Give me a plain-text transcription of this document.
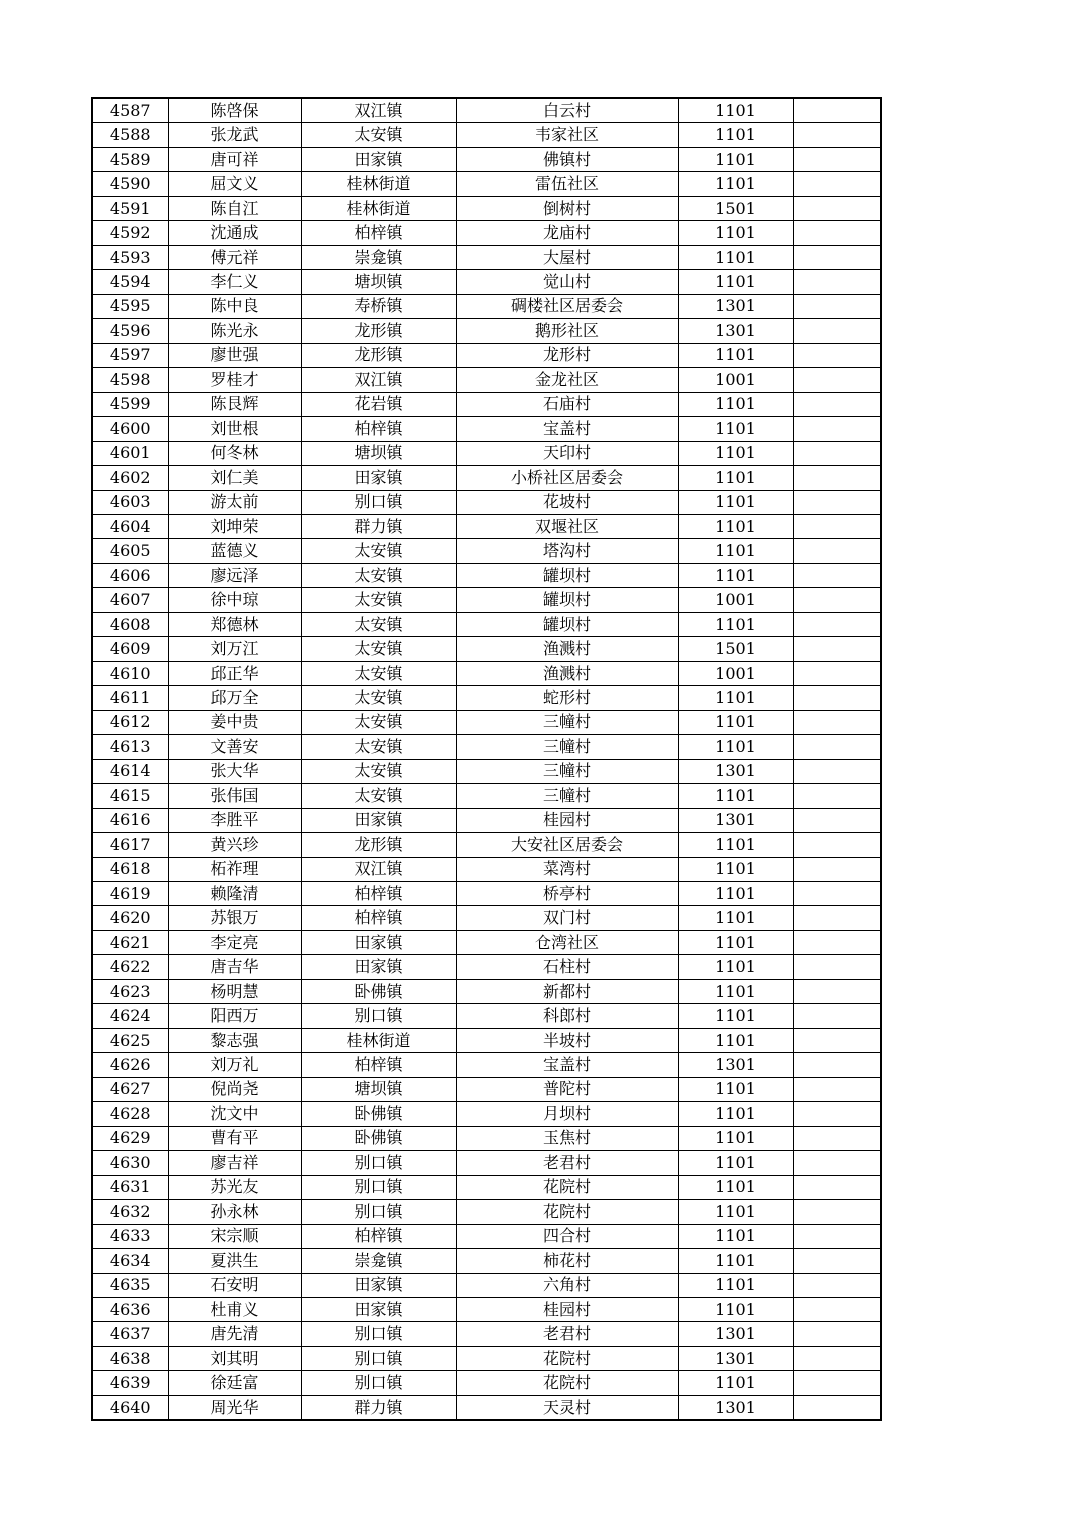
4587	陈啓保	双江镇	白云村	1101	
4588	张龙武	太安镇	韦家社区	1101	
4589	唐可祥	田家镇	佛镇村	1101	
4590	屈文义	桂林街道	雷伍社区	1101	
4591	陈自江	桂林街道	倒树村	1501	
4592	沈通成	柏梓镇	龙庙村	1101	
4593	傅元祥	崇龛镇	大屋村	1101	
4594	李仁义	塘坝镇	觉山村	1101	
4595	陈中良	寿桥镇	碉楼社区居委会	1301	
4596	陈光永	龙形镇	鹅形社区	1301	
4597	廖世强	龙形镇	龙形村	1101	
4598	罗桂才	双江镇	金龙社区	1001	
4599	陈艮辉	花岩镇	石庙村	1101	
4600	刘世根	柏梓镇	宝盖村	1101	
4601	何冬林	塘坝镇	天印村	1101	
4602	刘仁美	田家镇	小桥社区居委会	1101	
4603	游太前	别口镇	花坡村	1101	
4604	刘坤荣	群力镇	双堰社区	1101	
4605	蓝德义	太安镇	塔沟村	1101	
4606	廖远泽	太安镇	罐坝村	1101	
4607	徐中琼	太安镇	罐坝村	1001	
4608	郑德林	太安镇	罐坝村	1101	
4609	刘万江	太安镇	渔溅村	1501	
4610	邱正华	太安镇	渔溅村	1001	
4611	邱万全	太安镇	蛇形村	1101	
4612	姜中贵	太安镇	三幢村	1101	
4613	文善安	太安镇	三幢村	1101	
4614	张大华	太安镇	三幢村	1301	
4615	张伟国	太安镇	三幢村	1101	
4616	李胜平	田家镇	桂园村	1301	
4617	黄兴珍	龙形镇	大安社区居委会	1101	
4618	柘祚理	双江镇	菜湾村	1101	
4619	赖隆清	柏梓镇	桥亭村	1101	
4620	苏银万	柏梓镇	双门村	1101	
4621	李定亮	田家镇	仓湾社区	1101	
4622	唐吉华	田家镇	石柱村	1101	
4623	杨明慧	卧佛镇	新都村	1101	
4624	阳西万	别口镇	科郎村	1101	
4625	黎志强	桂林街道	半坡村	1101	
4626	刘万礼	柏梓镇	宝盖村	1301	
4627	倪尚尧	塘坝镇	普陀村	1101	
4628	沈文中	卧佛镇	月坝村	1101	
4629	曹有平	卧佛镇	玉焦村	1101	
4630	廖吉祥	别口镇	老君村	1101	
4631	苏光友	别口镇	花院村	1101	
4632	孙永林	别口镇	花院村	1101	
4633	宋宗顺	柏梓镇	四合村	1101	
4634	夏洪生	崇龛镇	柿花村	1101	
4635	石安明	田家镇	六角村	1101	
4636	杜甫义	田家镇	桂园村	1101	
4637	唐先清	别口镇	老君村	1301	
4638	刘其明	别口镇	花院村	1301	
4639	徐廷富	别口镇	花院村	1101	
4640	周光华	群力镇	天灵村	1301	
